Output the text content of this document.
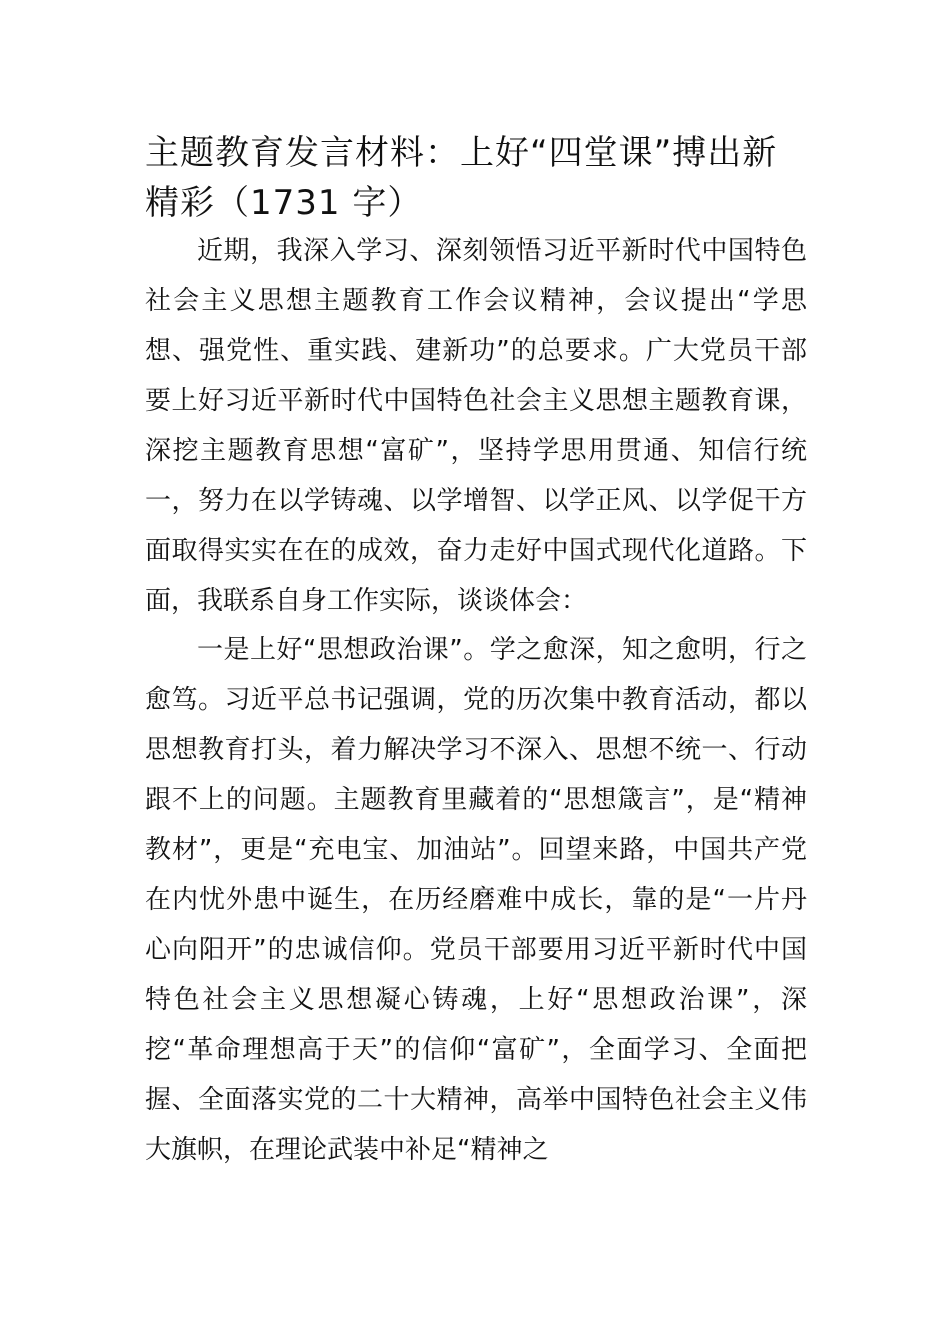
主题教育发言材料：上好“四堂课”搏出新精彩（1731 字）

近期，我深入学习、深刻领悟习近平新时代中国特色社会主义思想主题教育工作会议精神，会议提出“学思想、强党性、重实践、建新功”的总要求。广大党员干部要上好习近平新时代中国特色社会主义思想主题教育课，深挖主题教育思想“富矿”，坚持学思用贯通、知信行统一，努力在以学铸魂、以学增智、以学正风、以学促干方面取得实实在在的成效，奋力走好中国式现代化道路。下面，我联系自身工作实际，谈谈体会：

一是上好“思想政治课”。学之愈深，知之愈明，行之愈笃。习近平总书记强调，党的历次集中教育活动，都以思想教育打头，着力解决学习不深入、思想不统一、行动跟不上的问题。主题教育里藏着的“思想箴言”，是“精神教材”，更是“充电宝、加油站”。回望来路，中国共产党在内忧外患中诞生，在历经磨难中成长，靠的是“一片丹心向阳开”的忠诚信仰。党员干部要用习近平新时代中国特色社会主义思想凝心铸魂，上好“思想政治课”，深挖“革命理想高于天”的信仰“富矿”，全面学习、全面把握、全面落实党的二十大精神，高举中国特色社会主义伟大旗帜，在理论武装中补足“精神之
